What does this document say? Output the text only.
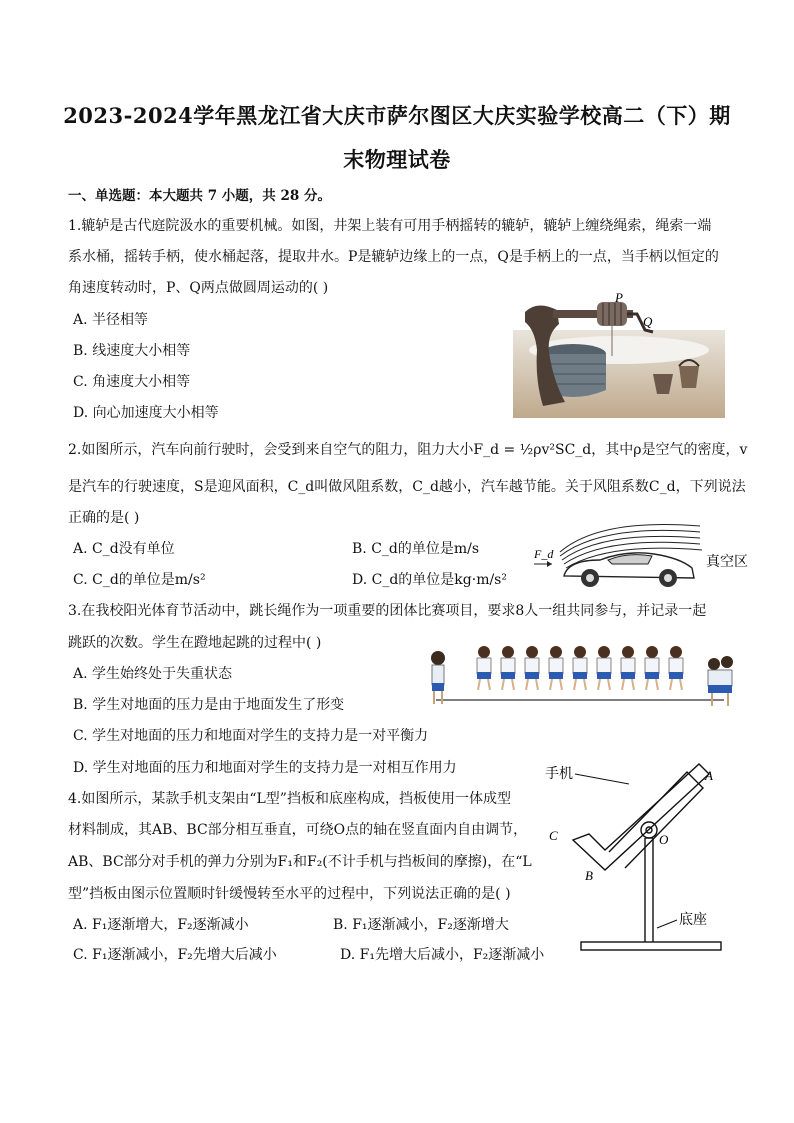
2023-2024学年黑龙江省大庆市萨尔图区大庆实验学校高二（下）期
末物理试卷
一、单选题：本大题共 7 小题，共 28 分。
1.辘轳是古代庭院汲水的重要机械。如图，井架上装有可用手柄摇转的辘轳，辘轳上缠绕绳索，绳索一端
系水桶，摇转手柄，使水桶起落，提取井水。P是辘轳边缘上的一点，Q是手柄上的一点，当手柄以恒定的
角速度转动时，P、Q两点做圆周运动的( )
A. 半径相等
B. 线速度大小相等
C. 角速度大小相等
D. 向心加速度大小相等
P
Q
2.如图所示，汽车向前行驶时，会受到来自空气的阻力，阻力大小F_d = ½ρv²SC_d，其中ρ是空气的密度，v
是汽车的行驶速度，S是迎风面积，C_d叫做风阻系数，C_d越小，汽车越节能。关于风阻系数C_d，下列说法
正确的是( )
A. C_d没有单位	B. C_d的单位是m/s
C. C_d的单位是m/s²	D. C_d的单位是kg·m/s²
F_d	真空区
3.在我校阳光体育节活动中，跳长绳作为一项重要的团体比赛项目，要求8人一组共同参与，并记录一起
跳跃的次数。学生在蹬地起跳的过程中( )
A. 学生始终处于失重状态
B. 学生对地面的压力是由于地面发生了形变
C. 学生对地面的压力和地面对学生的支持力是一对平衡力
D. 学生对地面的压力和地面对学生的支持力是一对相互作用力
4.如图所示，某款手机支架由“L型”挡板和底座构成，挡板使用一体成型
材料制成，其AB、BC部分相互垂直，可绕O点的轴在竖直面内自由调节，
AB、BC部分对手机的弹力分别为F₁和F₂(不计手机与挡板间的摩擦)，在“L
型”挡板由图示位置顺时针缓慢转至水平的过程中，下列说法正确的是( )
A. F₁逐渐增大，F₂逐渐减小	B. F₁逐渐减小，F₂逐渐增大
C. F₁逐渐减小，F₂先增大后减小	D. F₁先增大后减小，F₂逐渐减小
手机	A
B
C	O
底座
